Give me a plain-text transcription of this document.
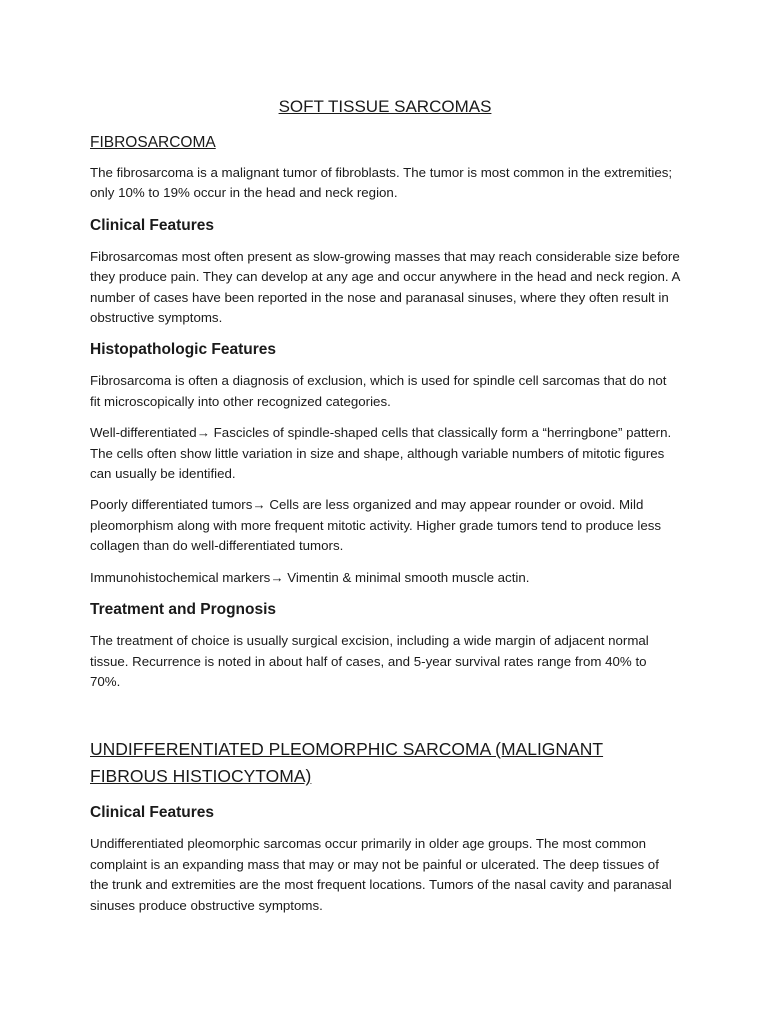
SOFT TISSUE SARCOMAS
FIBROSARCOMA

The fibrosarcoma is a malignant tumor of fibroblasts. The tumor is most common in the extremities; only 10% to 19% occur in the head and neck region.

Clinical Features

Fibrosarcomas most often present as slow-growing masses that may reach considerable size before they produce pain. They can develop at any age and occur anywhere in the head and neck region. A number of cases have been reported in the nose and paranasal sinuses, where they often result in obstructive symptoms.

Histopathologic Features

Fibrosarcoma is often a diagnosis of exclusion, which is used for spindle cell sarcomas that do not fit microscopically into other recognized categories.

Well-differentiated→ Fascicles of spindle-shaped cells that classically form a “herringbone” pattern. The cells often show little variation in size and shape, although variable numbers of mitotic figures can usually be identified.

Poorly differentiated tumors→ Cells are less organized and may appear rounder or ovoid. Mild pleomorphism along with more frequent mitotic activity. Higher grade tumors tend to produce less collagen than do well-differentiated tumors.

Immunohistochemical markers→ Vimentin & minimal smooth muscle actin.

Treatment and Prognosis

The treatment of choice is usually surgical excision, including a wide margin of adjacent normal tissue. Recurrence is noted in about half of cases, and 5-year survival rates range from 40% to 70%.

UNDIFFERENTIATED PLEOMORPHIC SARCOMA (MALIGNANT FIBROUS HISTIOCYTOMA)
Clinical Features

Undifferentiated pleomorphic sarcomas occur primarily in older age groups. The most common complaint is an expanding mass that may or may not be painful or ulcerated. The deep tissues of the trunk and extremities are the most frequent locations. Tumors of the nasal cavity and paranasal sinuses produce obstructive symptoms.
